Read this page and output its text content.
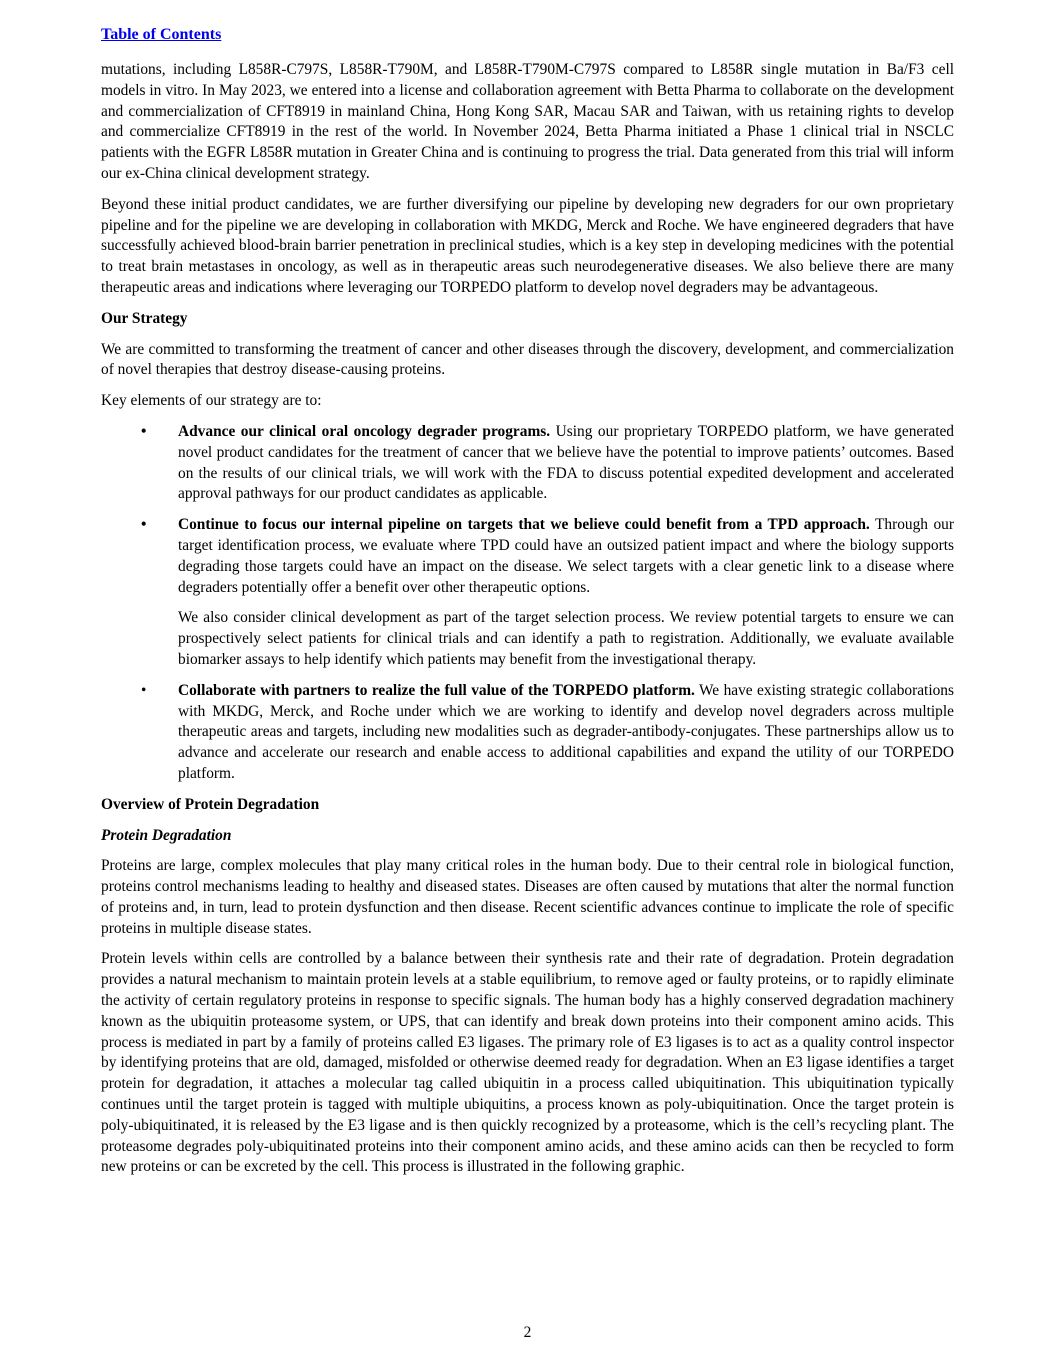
Table of Contents

mutations, including L858R-C797S, L858R-T790M, and L858R-T790M-C797S compared to L858R single mutation in Ba/F3 cell models in vitro. In May 2023, we entered into a license and collaboration agreement with Betta Pharma to collaborate on the development and commercialization of CFT8919 in mainland China, Hong Kong SAR, Macau SAR and Taiwan, with us retaining rights to develop and commercialize CFT8919 in the rest of the world. In November 2024, Betta Pharma initiated a Phase 1 clinical trial in NSCLC patients with the EGFR L858R mutation in Greater China and is continuing to progress the trial. Data generated from this trial will inform our ex-China clinical development strategy.

Beyond these initial product candidates, we are further diversifying our pipeline by developing new degraders for our own proprietary pipeline and for the pipeline we are developing in collaboration with MKDG, Merck and Roche. We have engineered degraders that have successfully achieved blood-brain barrier penetration in preclinical studies, which is a key step in developing medicines with the potential to treat brain metastases in oncology, as well as in therapeutic areas such neurodegenerative diseases. We also believe there are many therapeutic areas and indications where leveraging our TORPEDO platform to develop novel degraders may be advantageous.

Our Strategy

We are committed to transforming the treatment of cancer and other diseases through the discovery, development, and commercialization of novel therapies that destroy disease-causing proteins.

Key elements of our strategy are to:

• Advance our clinical oral oncology degrader programs. Using our proprietary TORPEDO platform, we have generated novel product candidates for the treatment of cancer that we believe have the potential to improve patients’ outcomes. Based on the results of our clinical trials, we will work with the FDA to discuss potential expedited development and accelerated approval pathways for our product candidates as applicable.

• Continue to focus our internal pipeline on targets that we believe could benefit from a TPD approach. Through our target identification process, we evaluate where TPD could have an outsized patient impact and where the biology supports degrading those targets could have an impact on the disease. We select targets with a clear genetic link to a disease where degraders potentially offer a benefit over other therapeutic options.

We also consider clinical development as part of the target selection process. We review potential targets to ensure we can prospectively select patients for clinical trials and can identify a path to registration. Additionally, we evaluate available biomarker assays to help identify which patients may benefit from the investigational therapy.

• Collaborate with partners to realize the full value of the TORPEDO platform. We have existing strategic collaborations with MKDG, Merck, and Roche under which we are working to identify and develop novel degraders across multiple therapeutic areas and targets, including new modalities such as degrader-antibody-conjugates. These partnerships allow us to advance and accelerate our research and enable access to additional capabilities and expand the utility of our TORPEDO platform.

Overview of Protein Degradation
Protein Degradation

Proteins are large, complex molecules that play many critical roles in the human body. Due to their central role in biological function, proteins control mechanisms leading to healthy and diseased states. Diseases are often caused by mutations that alter the normal function of proteins and, in turn, lead to protein dysfunction and then disease. Recent scientific advances continue to implicate the role of specific proteins in multiple disease states.

Protein levels within cells are controlled by a balance between their synthesis rate and their rate of degradation. Protein degradation provides a natural mechanism to maintain protein levels at a stable equilibrium, to remove aged or faulty proteins, or to rapidly eliminate the activity of certain regulatory proteins in response to specific signals. The human body has a highly conserved degradation machinery known as the ubiquitin proteasome system, or UPS, that can identify and break down proteins into their component amino acids. This process is mediated in part by a family of proteins called E3 ligases. The primary role of E3 ligases is to act as a quality control inspector by identifying proteins that are old, damaged, misfolded or otherwise deemed ready for degradation. When an E3 ligase identifies a target protein for degradation, it attaches a molecular tag called ubiquitin in a process called ubiquitination. This ubiquitination typically continues until the target protein is tagged with multiple ubiquitins, a process known as poly-ubiquitination. Once the target protein is poly-ubiquitinated, it is released by the E3 ligase and is then quickly recognized by a proteasome, which is the cell’s recycling plant. The proteasome degrades poly-ubiquitinated proteins into their component amino acids, and these amino acids can then be recycled to form new proteins or can be excreted by the cell. This process is illustrated in the following graphic.

2
